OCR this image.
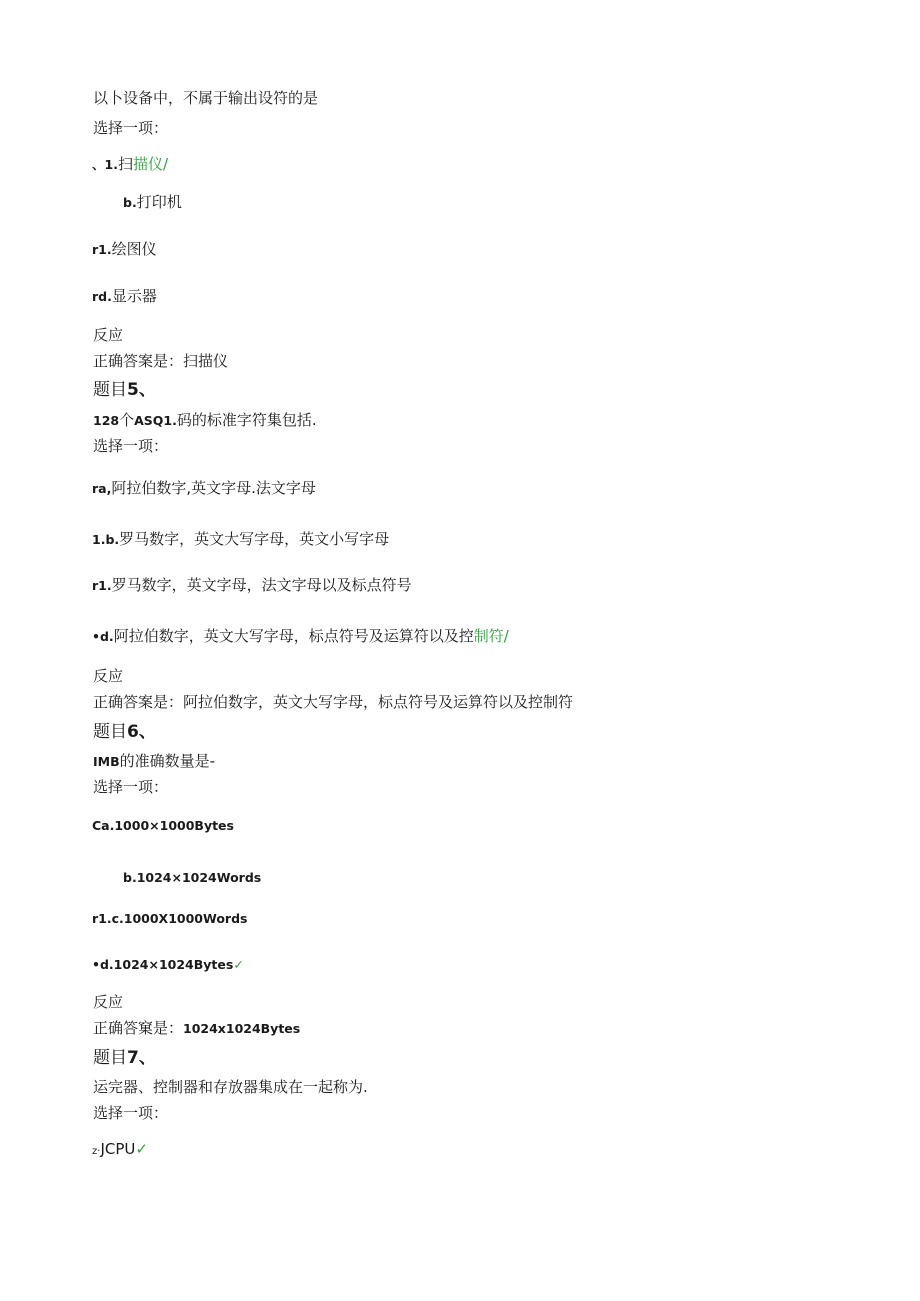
以卜设备中，不属于输出设符的是
选择一项：
、1.扫描仪/
b.打印机
r1.绘图仪
rd.显示器
反应
正确答案是：扫描仪
题目5、
128个ASQ1.码的标准字符集包括.
选择一项：
ra,阿拉伯数字,英文字母.法文字母
1.b.罗马数字，英文大写字母，英文小写字母
r1.罗马数字，英文字母，法文字母以及标点符号
•d.阿拉伯数字，英文大写字母，标点符号及运算符以及控制符/
反应
正确答案是：阿拉伯数字，英文大写字母，标点符号及运算符以及控制符
题目6、
IMB的准确数量是-
选择一项：
Ca.1000×1000Bytes
b.1024×1024Words
r1.c.1000X1000Words
•d.1024×1024Bytes✓
反应
正确答窠是：1024x1024Bytes
题目7、
运完器、控制器和存放器集成在一起称为.
选择一项：
z·JCPU✓
